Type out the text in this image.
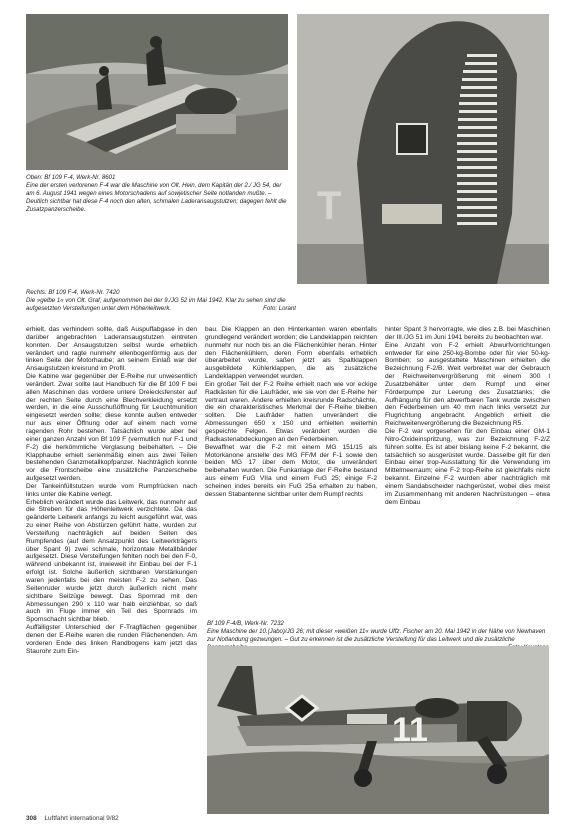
T
Oben: Bf 109 F-4, Werk-Nr. 8601
Eine der ersten verlorenen F-4 war die Maschine von Olt. Hein, dem Kapitän der 2./ JG 54, der am 6. August 1941 wegen eines Motorschadens auf sowjetischer Seite notlanden mußte. – Deutlich sichtbar hat diese F-4 noch den alten, schmalen Laderansaugstutzen; dagegen fehlt die Zusatzpanzerscheibe.
Rechts: Bf 109 F-4, Werk-Nr. 7420
Die »gelbe 1« von Olt. Graf, aufgenommen bei der 9./JG 52 im Mai 1942. Klar zu sehen sind die aufgesetzten Versteifungen unter dem Höhenleitwerk.	Foto: Lorant

erhielt, das verhindern sollte, daß Auspuffabgase in den darüber angebrachten Laderansaugstutzen eintreten konnten. Der Ansaugstutzen selbst wurde erheblich verändert und ragte nunmehr ellenbogenförmig aus der linken Seite der Motorhaube; an seinem Einlaß war der Ansaugstutzen kreisrund im Profil.

Die Kabine war gegenüber der E-Reihe nur unwesentlich verändert. Zwar sollte laut Handbuch für die Bf 109 F bei allen Maschinen das vordere untere Dreiecksfenster auf der rechten Seite durch eine Blechverkleidung ersetzt werden, in die eine Ausschußöffnung für Leuchtmunition eingesetzt werden sollte; diese konnte außen entweder nur aus einer Öffnung oder auf einem nach vorne ragenden Rohr bestehen. Tatsächlich wurde aber bei einer ganzen Anzahl von Bf 109 F (vermutlich nur F-1 und F-2) die herkömmliche Verglasung beibehalten. – Die Klapphaube erhielt serienmäßig einen aus zwei Teilen bestehenden Ganzmetallkopfpanzer. Nachträglich konnte vor die Frontscheibe eine zusätzliche Panzerscheibe aufgesetzt werden.

Der Tankeinfüllstutzen wurde vom Rumpfrücken nach links unter die Kabine verlegt.

Erheblich verändert wurde das Leitwerk, das nunmehr auf die Streben für das Höhenleitwerk verzichtete. Da das geänderte Leitwerk anfangs zu leicht ausgeführt war, was zu einer Reihe von Abstürzen geführt hatte, wurden zur Versteifung nachträglich auf beiden Seiten des Rumpfendes (auf dem Ansatzpunkt des Leitwerkträgers über Spant 9) zwei schmale, horizontale Metallbänder aufgesetzt. Diese Versteifungen fehlten noch bei den F-0, während unbekannt ist, inwieweit ihr Einbau bei der F-1 erfolgt ist. Solche äußerlich sichtbaren Verstärkungen waren jedenfalls bei den meisten F-2 zu sehen. Das Seitenruder wurde jetzt durch äußerlich nicht mehr sichtbare Seilzüge bewegt. Das Spornrad mit den Abmessungen 290 x 110 war halb einziehbar, so daß auch im Fluge immer ein Teil des Spornrads im Spornschacht sichtbar blieb.

Auffälligster Unterschied der F-Tragflächen gegenüber denen der E-Reihe waren die runden Flächenenden. Am vorderen Ende des linken Randbogens kam jetzt das Staurohr zum Ein-

bau. Die Klappen an den Hinterkanten waren ebenfalls grundlegend verändert worden; die Landeklappen reichten nunmehr nur noch bis an die Flächenkühler heran. Hinter den Flächenkühlern, deren Form ebenfalls erheblich überarbeitet wurde, saßen jetzt als Spaltklappen ausgebildete Kühlerklappen, die als zusätzliche Landeklappen verwendet wurden.

Ein großer Teil der F-2 Reihe erhielt nach wie vor eckige Radkästen für die Laufräder, wie sie von der E-Reihe her vertraut waren. Andere erhielten kreisrunde Radschächte, die ein charakteristisches Merkmal der F-Reihe bleiben sollten. Die Laufräder hatten unverändert die Abmessungen 650 x 150 und erhielten weiterhin gespeichte Felgen. Etwas verändert wurden die Radkastenabdeckungen an den Federbeinen.

Bewaffnet war die F-2 mit einem MG 151/15 als Motorkanone anstelle des MG FF/M der F-1 sowie den beiden MG 17 über dem Motor, die unverändert beibehalten wurden. Die Funkanlage der F-Reihe bestand aus einem FuG VIIa und einem FuG 25; einige F-2 scheinen indes bereits ein FuG 25a erhalten zu haben, dessen Stabantenne sichtbar unter dem Rumpf rechts

hinter Spant 3 hervorragte, wie dies z.B. bei Maschinen der III./JG 51 im Juni 1941 bereits zu beobachten war.

Eine Anzahl von F-2 erhielt Abwurfvorrichtungen entweder für eine 250-kg-Bombe oder für vier 50-kg-Bomben; so ausgestattete Maschinen erhielten die Bezeichnung F-2/B. Weit verbreitet war der Gebrauch der Reichweitenvergrößerung mit einem 300 l Zusatzbehälter unter dem Rumpf und einer Förderpumpe zur Leerung des Zusatztanks; die Aufhängung für den abwerfbaren Tank wurde zwischen den Federbeinen um 40 mm nach links versetzt zur Flugrichtung angebracht. Angeblich erhielt die Reichweitenvergrößerung die Bezeichnung R5.

Die F-2 war vorgesehen für den Einbau einer GM-1 Nitro-Oxideinspritzung, was zur Bezeichnung F-2/Z führen sollte. Es ist aber bislang keine F-2 bekannt, die tatsächlich so ausgerüstet wurde. Dasselbe gilt für den Einbau einer trop-Ausstattung für die Verwendung im Mittelmeerraum; eine F-2 trop-Reihe ist gleichfalls nicht bekannt. Einzelne F-2 wurden aber nachträglich mit einem Sandabscheider nachgerüstet, wobei dies meist im Zusammenhang mit anderen Nachrüstungen – etwa dem Einbau

Bf 109 F-4/B, Werk-Nr. 7232
Eine Maschine der 10.(Jabo)/JG 26; mit dieser »weißen 11« wurde Uffz. Fischer am 20. Mai 1942 in der Nähe von Newhaven zur Notlandung gezwungen. – Gut zu erkennen ist die zusätzliche Versteifung für das Leitwerk und die zusätzliche
11
308 Luftfahrt international 9/82
